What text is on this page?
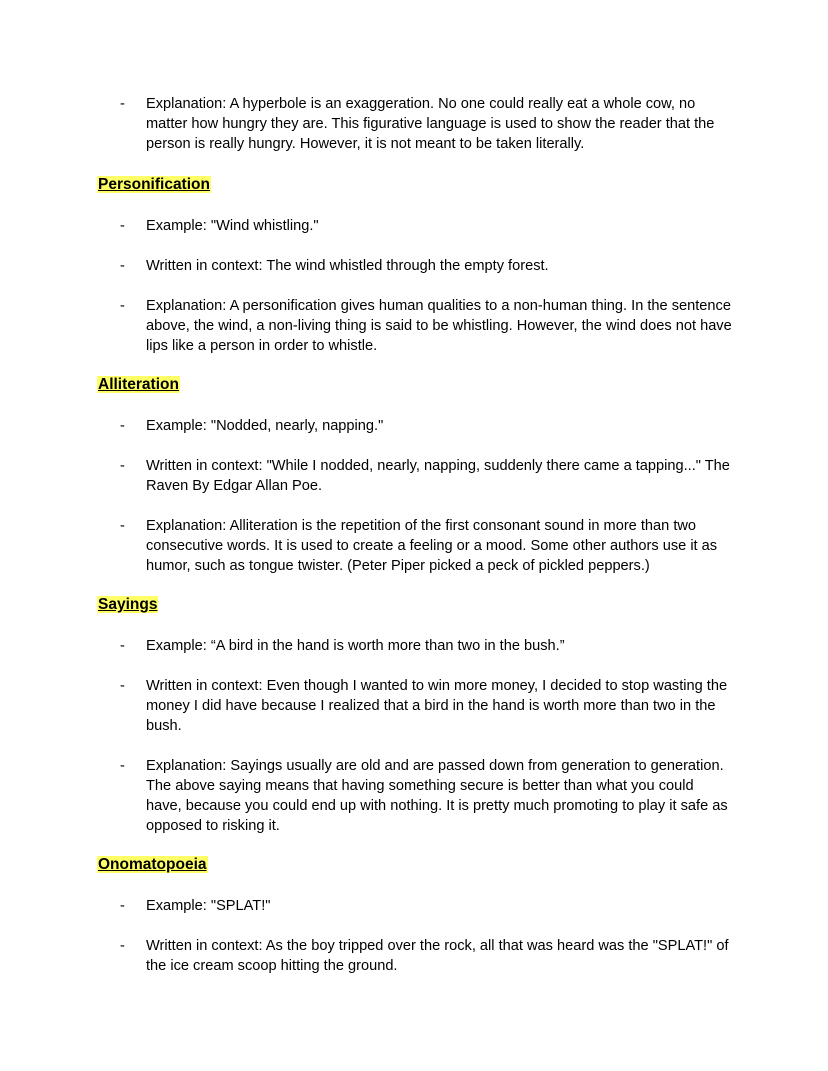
- Explanation: A hyperbole is an exaggeration. No one could really eat a whole cow, no matter how hungry they are. This figurative language is used to show the reader that the person is really hungry. However, it is not meant to be taken literally.

Personification

- Example: "Wind whistling."
- Written in context: The wind whistled through the empty forest.
- Explanation: A personification gives human qualities to a non-human thing. In the sentence above, the wind, a non-living thing is said to be whistling. However, the wind does not have lips like a person in order to whistle.

Alliteration

- Example: "Nodded, nearly, napping."
- Written in context: "While I nodded, nearly, napping, suddenly there came a tapping..." The Raven By Edgar Allan Poe.
- Explanation: Alliteration is the repetition of the first consonant sound in more than two consecutive words. It is used to create a feeling or a mood. Some other authors use it as humor, such as tongue twister. (Peter Piper picked a peck of pickled peppers.)

Sayings

- Example: “A bird in the hand is worth more than two in the bush.”
- Written in context: Even though I wanted to win more money, I decided to stop wasting the money I did have because I realized that a bird in the hand is worth more than two in the bush.
- Explanation: Sayings usually are old and are passed down from generation to generation. The above saying means that having something secure is better than what you could have, because you could end up with nothing. It is pretty much promoting to play it safe as opposed to risking it.

Onomatopoeia

- Example: "SPLAT!"
- Written in context: As the boy tripped over the rock, all that was heard was the "SPLAT!" of the ice cream scoop hitting the ground.
